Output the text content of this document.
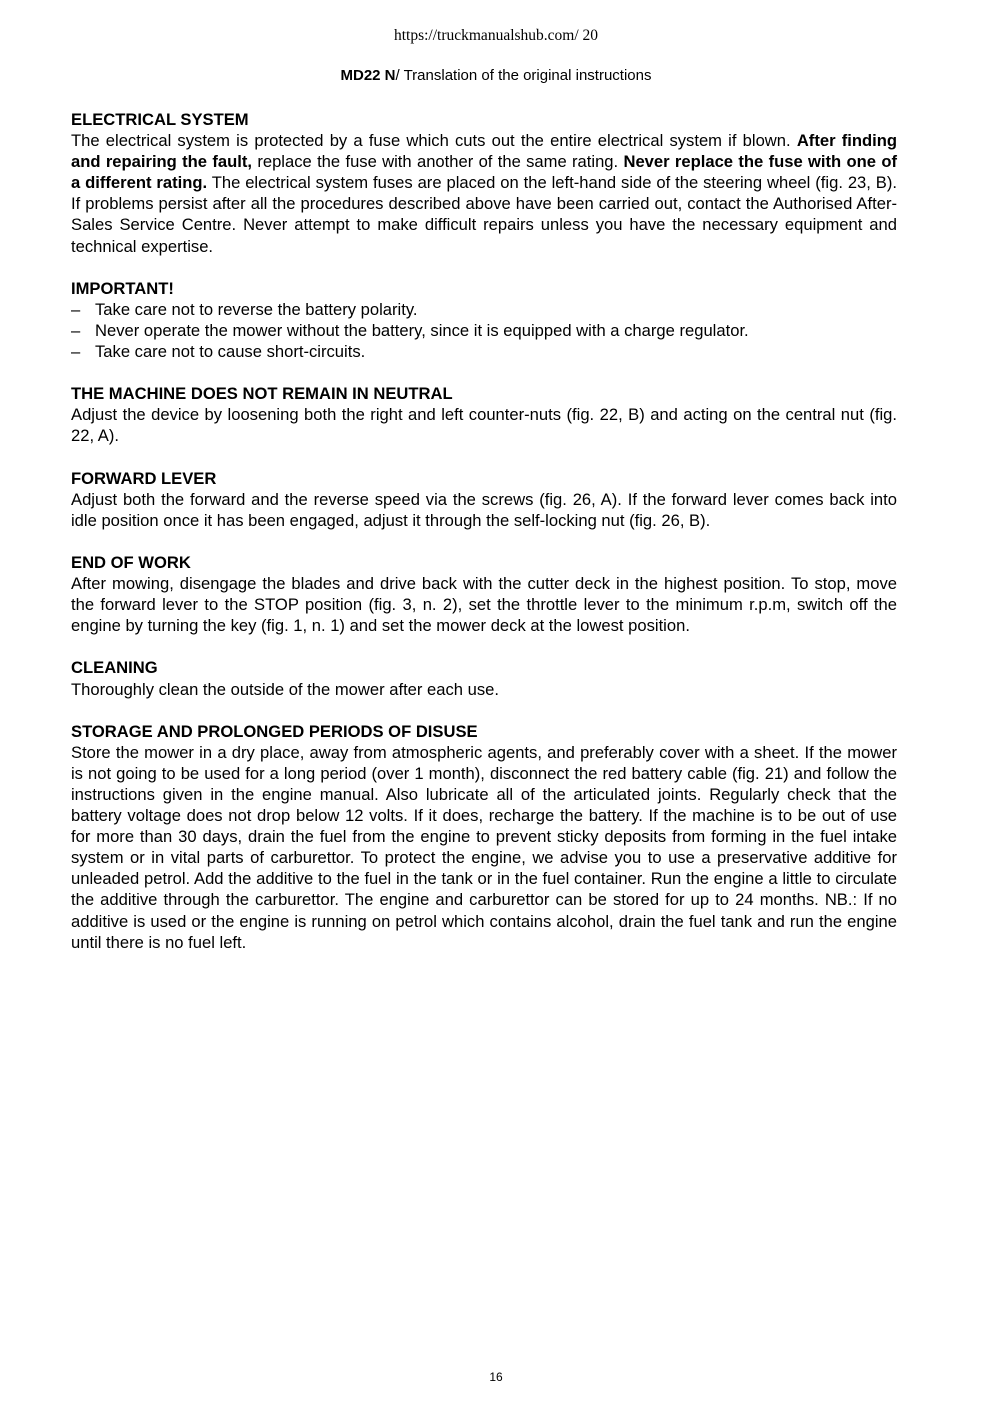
https://truckmanualshub.com/ 20
MD22 N/ Translation of the original instructions
ELECTRICAL SYSTEM

The electrical system is protected by a fuse which cuts out the entire electrical system if blown. After finding and repairing the fault, replace the fuse with another of the same rating. Never replace the fuse with one of a different rating. The electrical system fuses are placed on the left-hand side of the steering wheel (fig. 23, B). If problems persist after all the procedures described above have been carried out, contact the Authorised After-Sales Service Centre. Never attempt to make difficult repairs unless you have the necessary equipment and technical expertise.

IMPORTANT!
– Take care not to reverse the battery polarity.
– Never operate the mower without the battery, since it is equipped with a charge regulator.
– Take care not to cause short-circuits.
THE MACHINE DOES NOT REMAIN IN NEUTRAL

Adjust the device by loosening both the right and left counter-nuts (fig. 22, B) and acting on the central nut (fig. 22, A).

FORWARD LEVER

Adjust both the forward and the reverse speed via the screws (fig. 26, A). If the forward lever comes back into idle position once it has been engaged, adjust it through the self-locking nut (fig. 26, B).

END OF WORK

After mowing, disengage the blades and drive back with the cutter deck in the highest position. To stop, move the forward lever to the STOP position (fig. 3, n. 2), set the throttle lever to the minimum r.p.m, switch off the engine by turning the key (fig. 1, n. 1) and set the mower deck at the lowest position.

CLEANING

Thoroughly clean the outside of the mower after each use.

STORAGE AND PROLONGED PERIODS OF DISUSE

Store the mower in a dry place, away from atmospheric agents, and preferably cover with a sheet. If the mower is not going to be used for a long period (over 1 month), disconnect the red battery cable (fig. 21) and follow the instructions given in the engine manual. Also lubricate all of the articulated joints. Regularly check that the battery voltage does not drop below 12 volts. If it does, recharge the battery. If the machine is to be out of use for more than 30 days, drain the fuel from the engine to prevent sticky deposits from forming in the fuel intake system or in vital parts of carburettor. To protect the engine, we advise you to use a preservative additive for unleaded petrol. Add the additive to the fuel in the tank or in the fuel container. Run the engine a little to circulate the additive through the carburettor. The engine and carburettor can be stored for up to 24 months. NB.: If no additive is used or the engine is running on petrol which contains alcohol, drain the fuel tank and run the engine until there is no fuel left.

16
